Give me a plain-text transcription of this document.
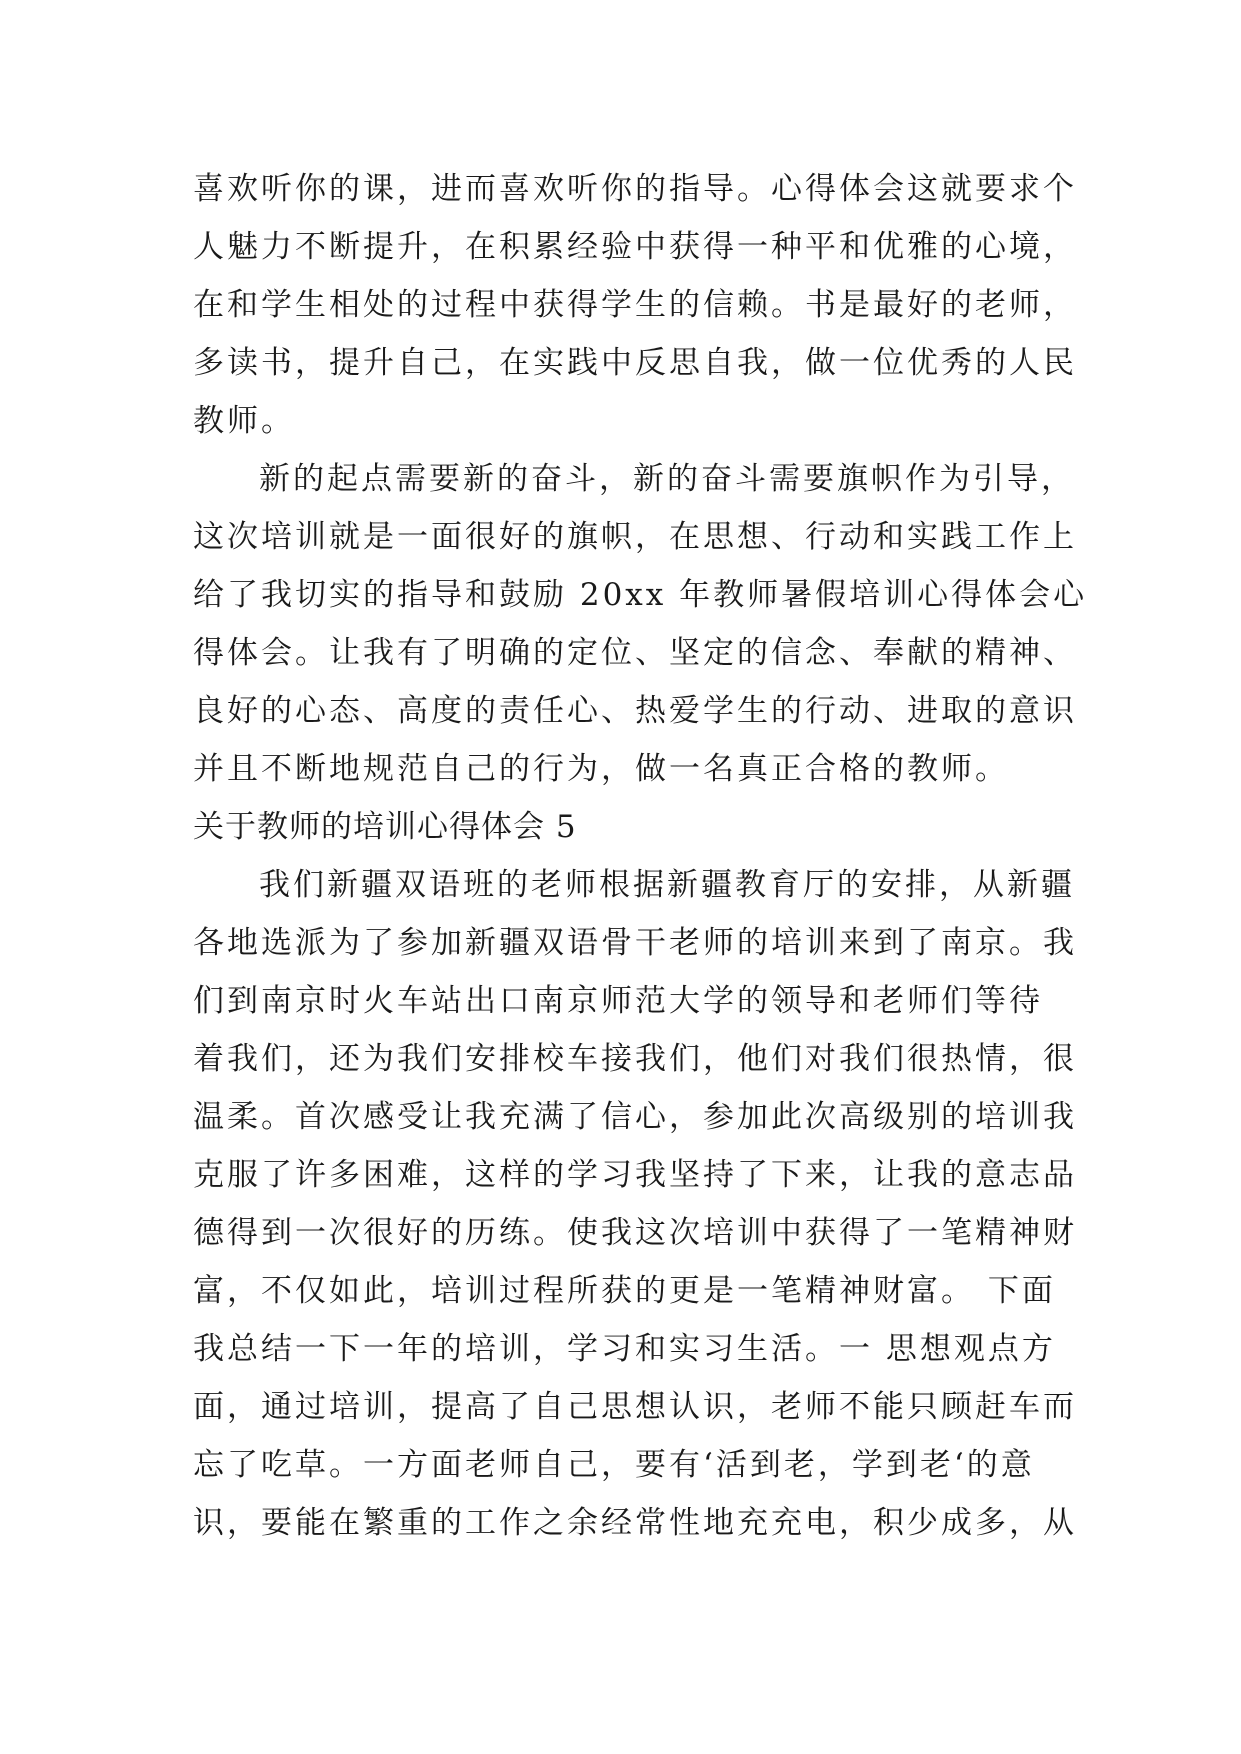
喜欢听你的课，进而喜欢听你的指导。心得体会这就要求个
人魅力不断提升，在积累经验中获得一种平和优雅的心境，
在和学生相处的过程中获得学生的信赖。书是最好的老师，
多读书，提升自己，在实践中反思自我，做一位优秀的人民
教师。
新的起点需要新的奋斗，新的奋斗需要旗帜作为引导，
这次培训就是一面很好的旗帜，在思想、行动和实践工作上
给了我切实的指导和鼓励 20xx 年教师暑假培训心得体会心
得体会。让我有了明确的定位、坚定的信念、奉献的精神、
良好的心态、高度的责任心、热爱学生的行动、进取的意识
并且不断地规范自己的行为，做一名真正合格的教师。
关于教师的培训心得体会 5
我们新疆双语班的老师根据新疆教育厅的安排，从新疆
各地选派为了参加新疆双语骨干老师的培训来到了南京。我
们到南京时火车站出口南京师范大学的领导和老师们等待
着我们，还为我们安排校车接我们，他们对我们很热情，很
温柔。首次感受让我充满了信心，参加此次高级别的培训我
克服了许多困难，这样的学习我坚持了下来，让我的意志品
德得到一次很好的历练。使我这次培训中获得了一笔精神财
富，不仅如此，培训过程所获的更是一笔精神财富。 下面
我总结一下一年的培训，学习和实习生活。一 思想观点方
面，通过培训，提高了自己思想认识，老师不能只顾赶车而
忘了吃草。一方面老师自己，要有‘活到老，学到老‘的意
识，要能在繁重的工作之余经常性地充充电，积少成多，从
